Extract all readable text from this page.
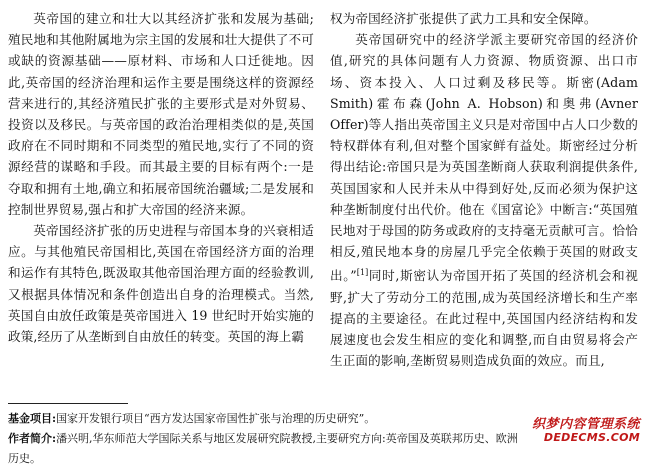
英帝国的建立和壮大以其经济扩张和发展为基础;殖民地和其他附属地为宗主国的发展和壮大提供了不可或缺的资源基础——原材料、市场和人口迁徙地。因此,英帝国的经济治理和运作主要是围绕这样的资源经营来进行的,其经济殖民扩张的主要形式是对外贸易、投资以及移民。与英帝国的政治治理相类似的是,英国政府在不同时期和不同类型的殖民地,实行了不同的资源经营的谋略和手段。而其最主要的目标有两个:一是夺取和拥有土地,确立和拓展帝国统治疆域;二是发展和控制世界贸易,强占和扩大帝国的经济来源。

英帝国经济扩张的历史进程与帝国本身的兴衰相适应。与其他殖民帝国相比,英国在帝国经济方面的治理和运作有其特色,既汲取其他帝国治理方面的经验教训,又根据具体情况和条件创造出自身的治理模式。当然,英国自由放任政策是英帝国进入 19 世纪时开始实施的政策,经历了从垄断到自由放任的转变。英国的海上霸

权为帝国经济扩张提供了武力工具和安全保障。

英帝国研究中的经济学派主要研究帝国的经济价值,研究的具体问题有人力资源、物质资源、出口市场、资本投入、人口过剩及移民等。斯密(Adam Smith)霍布森(John A. Hobson)和奥弗(Avner Offer)等人指出英帝国主义只是对帝国中占人口少数的特权群体有利,但对整个国家鲜有益处。斯密经过分析得出结论:帝国只是为英国垄断商人获取利润提供条件,英国国家和人民并未从中得到好处,反而必须为保护这种垄断制度付出代价。他在《国富论》中断言:“英国殖民地对于母国的防务或政府的支持毫无贡献可言。恰恰相反,殖民地本身的房屋几乎完全依赖于英国的财政支出。”[1]同时,斯密认为帝国开拓了英国的经济机会和视野,扩大了劳动分工的范围,成为英国经济增长和生产率提高的主要途径。在此过程中,英国国内经济结构和发展速度也会发生相应的变化和调整,而自由贸易将会产生正面的影响,垄断贸易则造成负面的效应。而且,

基金项目:国家开发银行项目“西方发达国家帝国性扩张与治理的历史研究”。
作者简介:潘兴明,华东师范大学国际关系与地区发展研究院教授,主要研究方向:英帝国及英联邦历史、欧洲
历史。
织梦内容管理系统
DEDECMS.COM
